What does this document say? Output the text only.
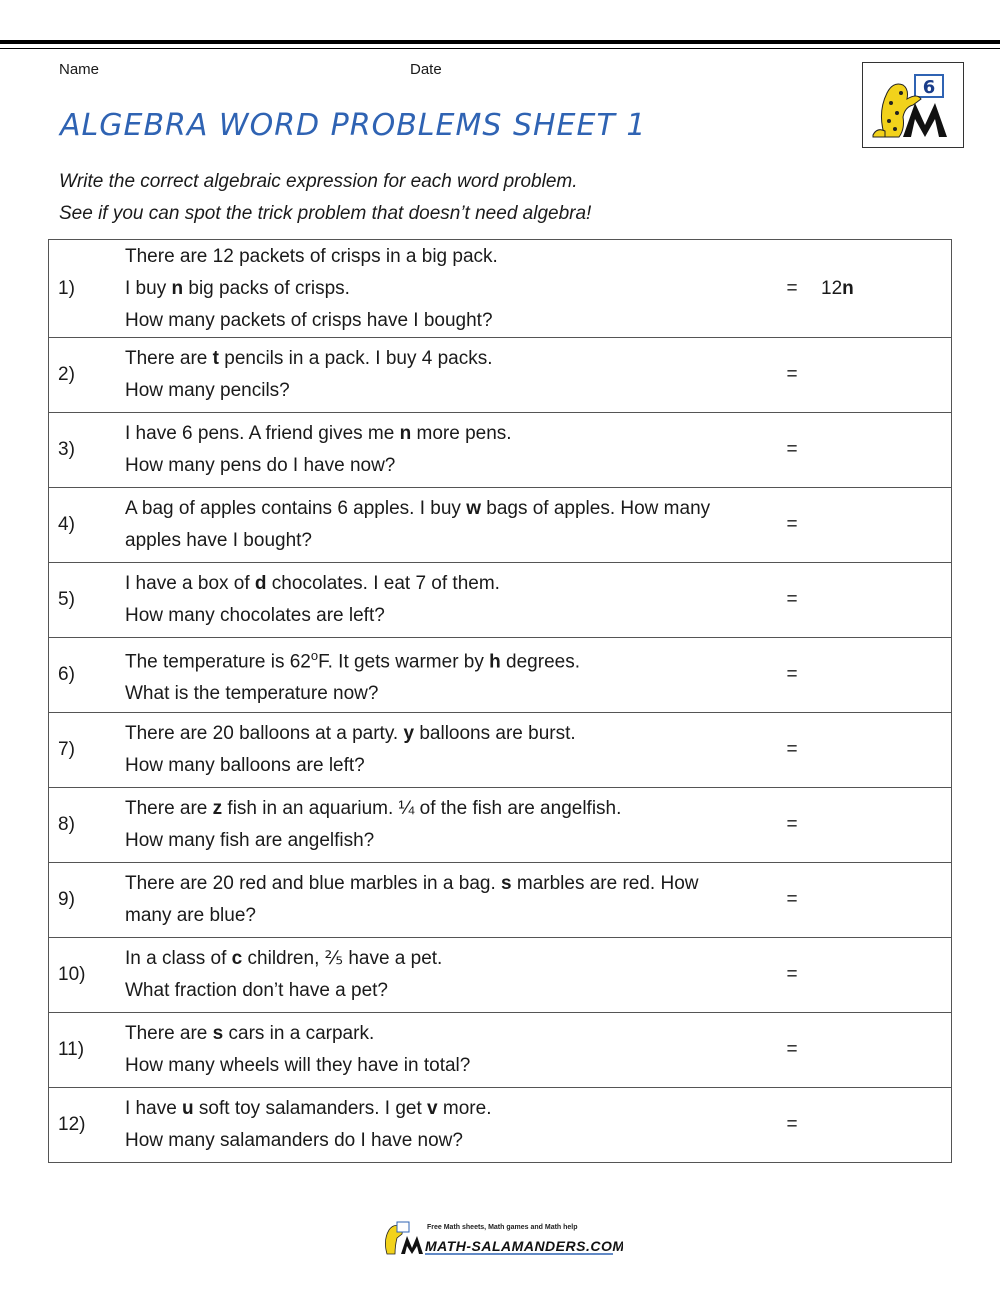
Name	Date
ALGEBRA WORD PROBLEMS SHEET 1
Write the correct algebraic expression for each word problem.
See if you can spot the trick problem that doesn’t need algebra!
6
1)	There are 12 packets of crisps in a big pack.
I buy n big packs of crisps.
How many packets of crisps have I bought?	=	12n
2)	There are t pencils in a pack. I buy 4 packs.
How many pencils?	=	
3)	I have 6 pens. A friend gives me n more pens.
How many pens do I have now?	=	
4)	A bag of apples contains 6 apples. I buy w bags of apples. How many
apples have I bought?	=	
5)	I have a box of d chocolates. I eat 7 of them.
How many chocolates are left?	=	
6)	The temperature is 62$^o$F. It gets warmer by h degrees.
What is the temperature now?	=	
7)	There are 20 balloons at a party. y balloons are burst.
How many balloons are left?	=	
8)	There are z fish in an aquarium. ¼ of the fish are angelfish.
How many fish are angelfish?	=	
9)	There are 20 red and blue marbles in a bag. s marbles are red. How
many are blue?	=	
10)	In a class of c children, ⅖ have a pet.
What fraction don’t have a pet?	=	
11)	There are s cars in a carpark.
How many wheels will they have in total?	=	
12)	I have u soft toy salamanders. I get v more.
How many salamanders do I have now?	=	
Free Math sheets, Math games and Math help
MATH-SALAMANDERS.COM
